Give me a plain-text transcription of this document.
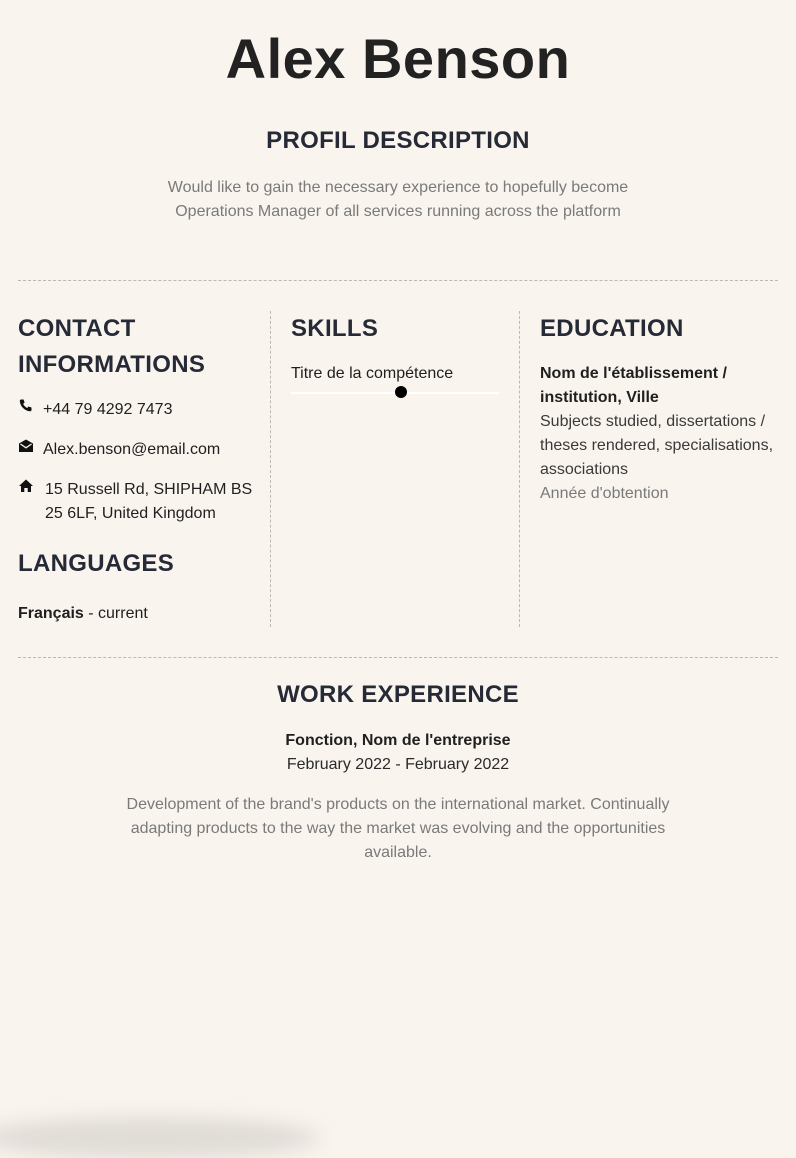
Alex Benson
PROFIL DESCRIPTION

Would like to gain the necessary experience to hopefully become Operations Manager of all services running across the platform

CONTACT INFORMATIONS
+44 79 4292 7473
Alex.benson@email.com
15 Russell Rd, SHIPHAM BS 25 6LF, United Kingdom
LANGUAGES
Français - current
SKILLS
Titre de la compétence
EDUCATION
Nom de l'établissement / institution, Ville
Subjects studied, dissertations / theses rendered, specialisations, associations
Année d'obtention
WORK EXPERIENCE
Fonction, Nom de l'entreprise
February 2022 - February 2022

Development of the brand's products on the international market. Continually adapting products to the way the market was evolving and the opportunities available.
